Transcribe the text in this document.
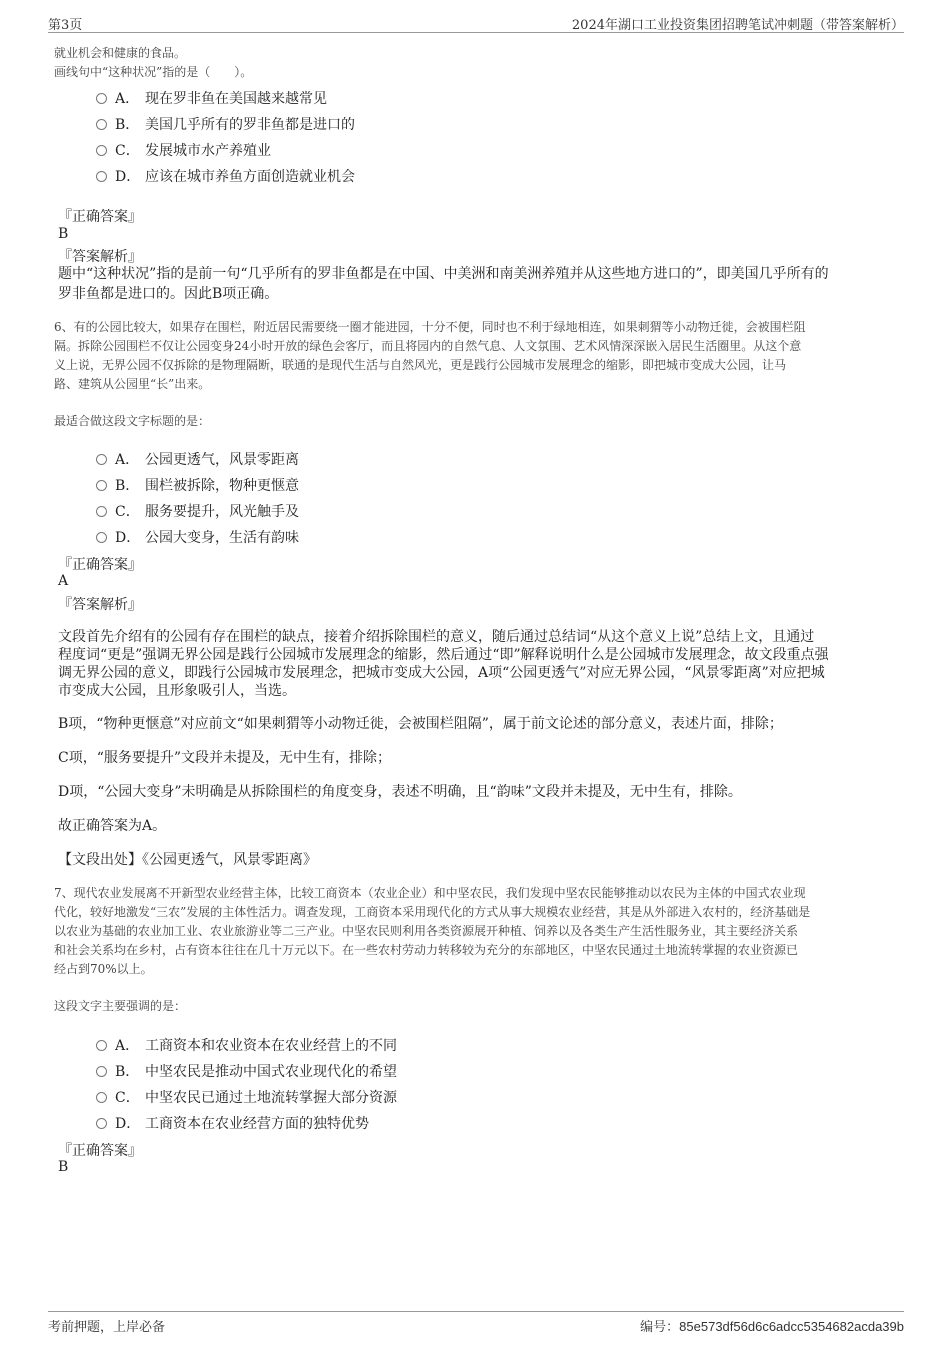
第3页	2024年湖口工业投资集团招聘笔试冲刺题（带答案解析）
就业机会和健康的食品。
画线句中“这种状况”指的是（　　）。
A． 现在罗非鱼在美国越来越常见
B． 美国几乎所有的罗非鱼都是进口的
C． 发展城市水产养殖业
D． 应该在城市养鱼方面创造就业机会
『正确答案』
B
『答案解析』
题中“这种状况”指的是前一句“几乎所有的罗非鱼都是在中国、中美洲和南美洲养殖并从这些地方进口的”，即美国几乎所有的
罗非鱼都是进口的。因此B项正确。
6、有的公园比较大，如果存在围栏，附近居民需要绕一圈才能进园，十分不便，同时也不利于绿地相连，如果刺猬等小动物迁徙，会被围栏阻
隔。拆除公园围栏不仅让公园变身24小时开放的绿色会客厅，而且将园内的自然气息、人文氛围、艺术风情深深嵌入居民生活圈里。从这个意
义上说，无界公园不仅拆除的是物理隔断，联通的是现代生活与自然风光，更是践行公园城市发展理念的缩影，即把城市变成大公园，让马
路、建筑从公园里“长”出来。
最适合做这段文字标题的是：
A． 公园更透气，风景零距离
B． 围栏被拆除，物种更惬意
C． 服务要提升，风光触手及
D． 公园大变身，生活有韵味
『正确答案』
A
『答案解析』
文段首先介绍有的公园有存在围栏的缺点，接着介绍拆除围栏的意义，随后通过总结词“从这个意义上说”总结上文，且通过
程度词“更是”强调无界公园是践行公园城市发展理念的缩影，然后通过“即”解释说明什么是公园城市发展理念，故文段重点强
调无界公园的意义，即践行公园城市发展理念，把城市变成大公园，A项“公园更透气”对应无界公园，“风景零距离”对应把城
市变成大公园，且形象吸引人，当选。
B项，“物种更惬意”对应前文“如果刺猬等小动物迁徙，会被围栏阻隔”，属于前文论述的部分意义，表述片面，排除；
C项，“服务要提升”文段并未提及，无中生有，排除；
D项，“公园大变身”未明确是从拆除围栏的角度变身，表述不明确，且“韵味”文段并未提及，无中生有，排除。
故正确答案为A。
【文段出处】《公园更透气，风景零距离》
7、现代农业发展离不开新型农业经营主体，比较工商资本（农业企业）和中坚农民，我们发现中坚农民能够推动以农民为主体的中国式农业现
代化，较好地激发“三农”发展的主体性活力。调查发现，工商资本采用现代化的方式从事大规模农业经营，其是从外部进入农村的，经济基础是
以农业为基础的农业加工业、农业旅游业等二三产业。中坚农民则利用各类资源展开种植、饲养以及各类生产生活性服务业，其主要经济关系
和社会关系均在乡村，占有资本往往在几十万元以下。在一些农村劳动力转移较为充分的东部地区，中坚农民通过土地流转掌握的农业资源已
经占到70%以上。
这段文字主要强调的是：
A． 工商资本和农业资本在农业经营上的不同
B． 中坚农民是推动中国式农业现代化的希望
C． 中坚农民已通过土地流转掌握大部分资源
D． 工商资本在农业经营方面的独特优势
『正确答案』
B
考前押题，上岸必备	编号：85e573df56d6c6adcc5354682acda39b
